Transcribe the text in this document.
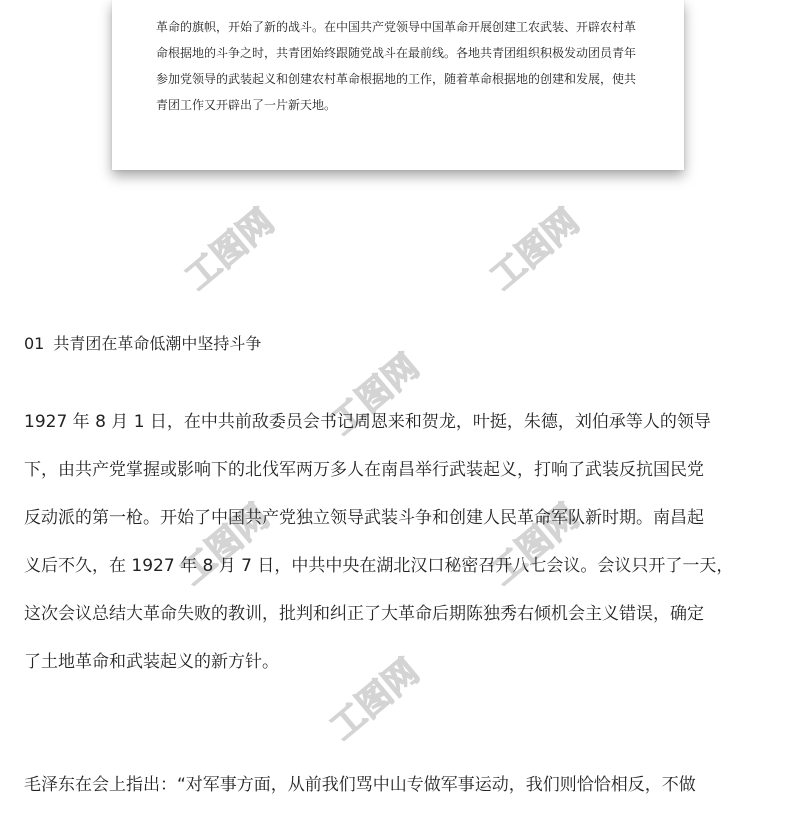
革命的旗帜，开始了新的战斗。在中国共产党领导中国革命开展创建工农武装、开辟农村革
命根据地的斗争之时，共青团始终跟随党战斗在最前线。各地共青团组织积极发动团员青年
参加党领导的武装起义和创建农村革命根据地的工作，随着革命根据地的创建和发展，使共
青团工作又开辟出了一片新天地。

工图网	工图网
工图网
工图网	工图网
工图网
01 共青团在革命低潮中坚持斗争
1927 年 8 月 1 日，在中共前敌委员会书记周恩来和贺龙，叶挺，朱德，刘伯承等人的领导
下，由共产党掌握或影响下的北伐军两万多人在南昌举行武装起义，打响了武装反抗国民党
反动派的第一枪。开始了中国共产党独立领导武装斗争和创建人民革命军队新时期。南昌起
义后不久，在 1927 年 8 月 7 日，中共中央在湖北汉口秘密召开八七会议。会议只开了一天，
这次会议总结大革命失败的教训，批判和纠正了大革命后期陈独秀右倾机会主义错误，确定
了土地革命和武装起义的新方针。
毛泽东在会上指出：“对军事方面，从前我们骂中山专做军事运动，我们则恰恰相反，不做
